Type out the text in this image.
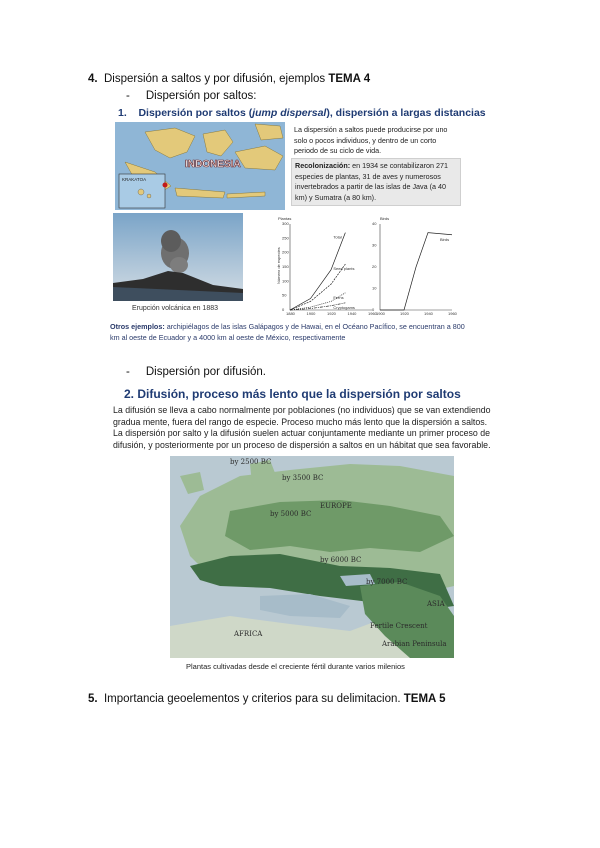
4. Dispersión a saltos y por difusión, ejemplos TEMA 4
- Dispersión por saltos:
1. Dispersión por saltos (jump dispersal), dispersión a largas distancias
KRAKATOA
INDONESIA
La dispersión a saltos puede producirse por uno solo o pocos individuos, y dentro de un corto periodo de su ciclo de vida.
Recolonización: en 1934 se contabilizaron 271 especies de plantas, 31 de aves y numerosos invertebrados a partir de las islas de Java (a 40 km) y Sumatra (a 80 km).
Erupción volcánica en 1883
Plantas	Birds
Número de especies
1880	1900	1920	1940	1960
0
50
100
150
200
250
300
Total
Seed plants
Ferns
Cryptogams
1900	1920	1940	1960
0
10
20
30
40
Birds
Otros ejemplos: archipiélagos de las islas Galápagos y de Hawai, en el Océano Pacífico, se encuentran a 800 km al oeste de Ecuador y a 4000 km al oeste de México, respectivamente
- Dispersión por difusión.
2. Difusión, proceso más lento que la dispersión por saltos
La difusión se lleva a cabo normalmente por poblaciones (no individuos) que se van extendiendo
gradua mente, fuera del rango de especie. Proceso mucho más lento que la dispersión a saltos.
La dispersión por salto y la difusión suelen actuar conjuntamente mediante un primer proceso de
difusión, y posteriormente por un proceso de dispersión a saltos en un hábitat que sea favorable.
EUROPE
ASIA
AFRICA
Fertile Crescent
Arabian Peninsula
by 2500 BC
by 3500 BC
by 5000 BC
by 6000 BC
by 7000 BC
Plantas cultivadas desde el creciente fértil durante varios milenios
5. Importancia geoelementos y criterios para su delimitacion. TEMA 5
